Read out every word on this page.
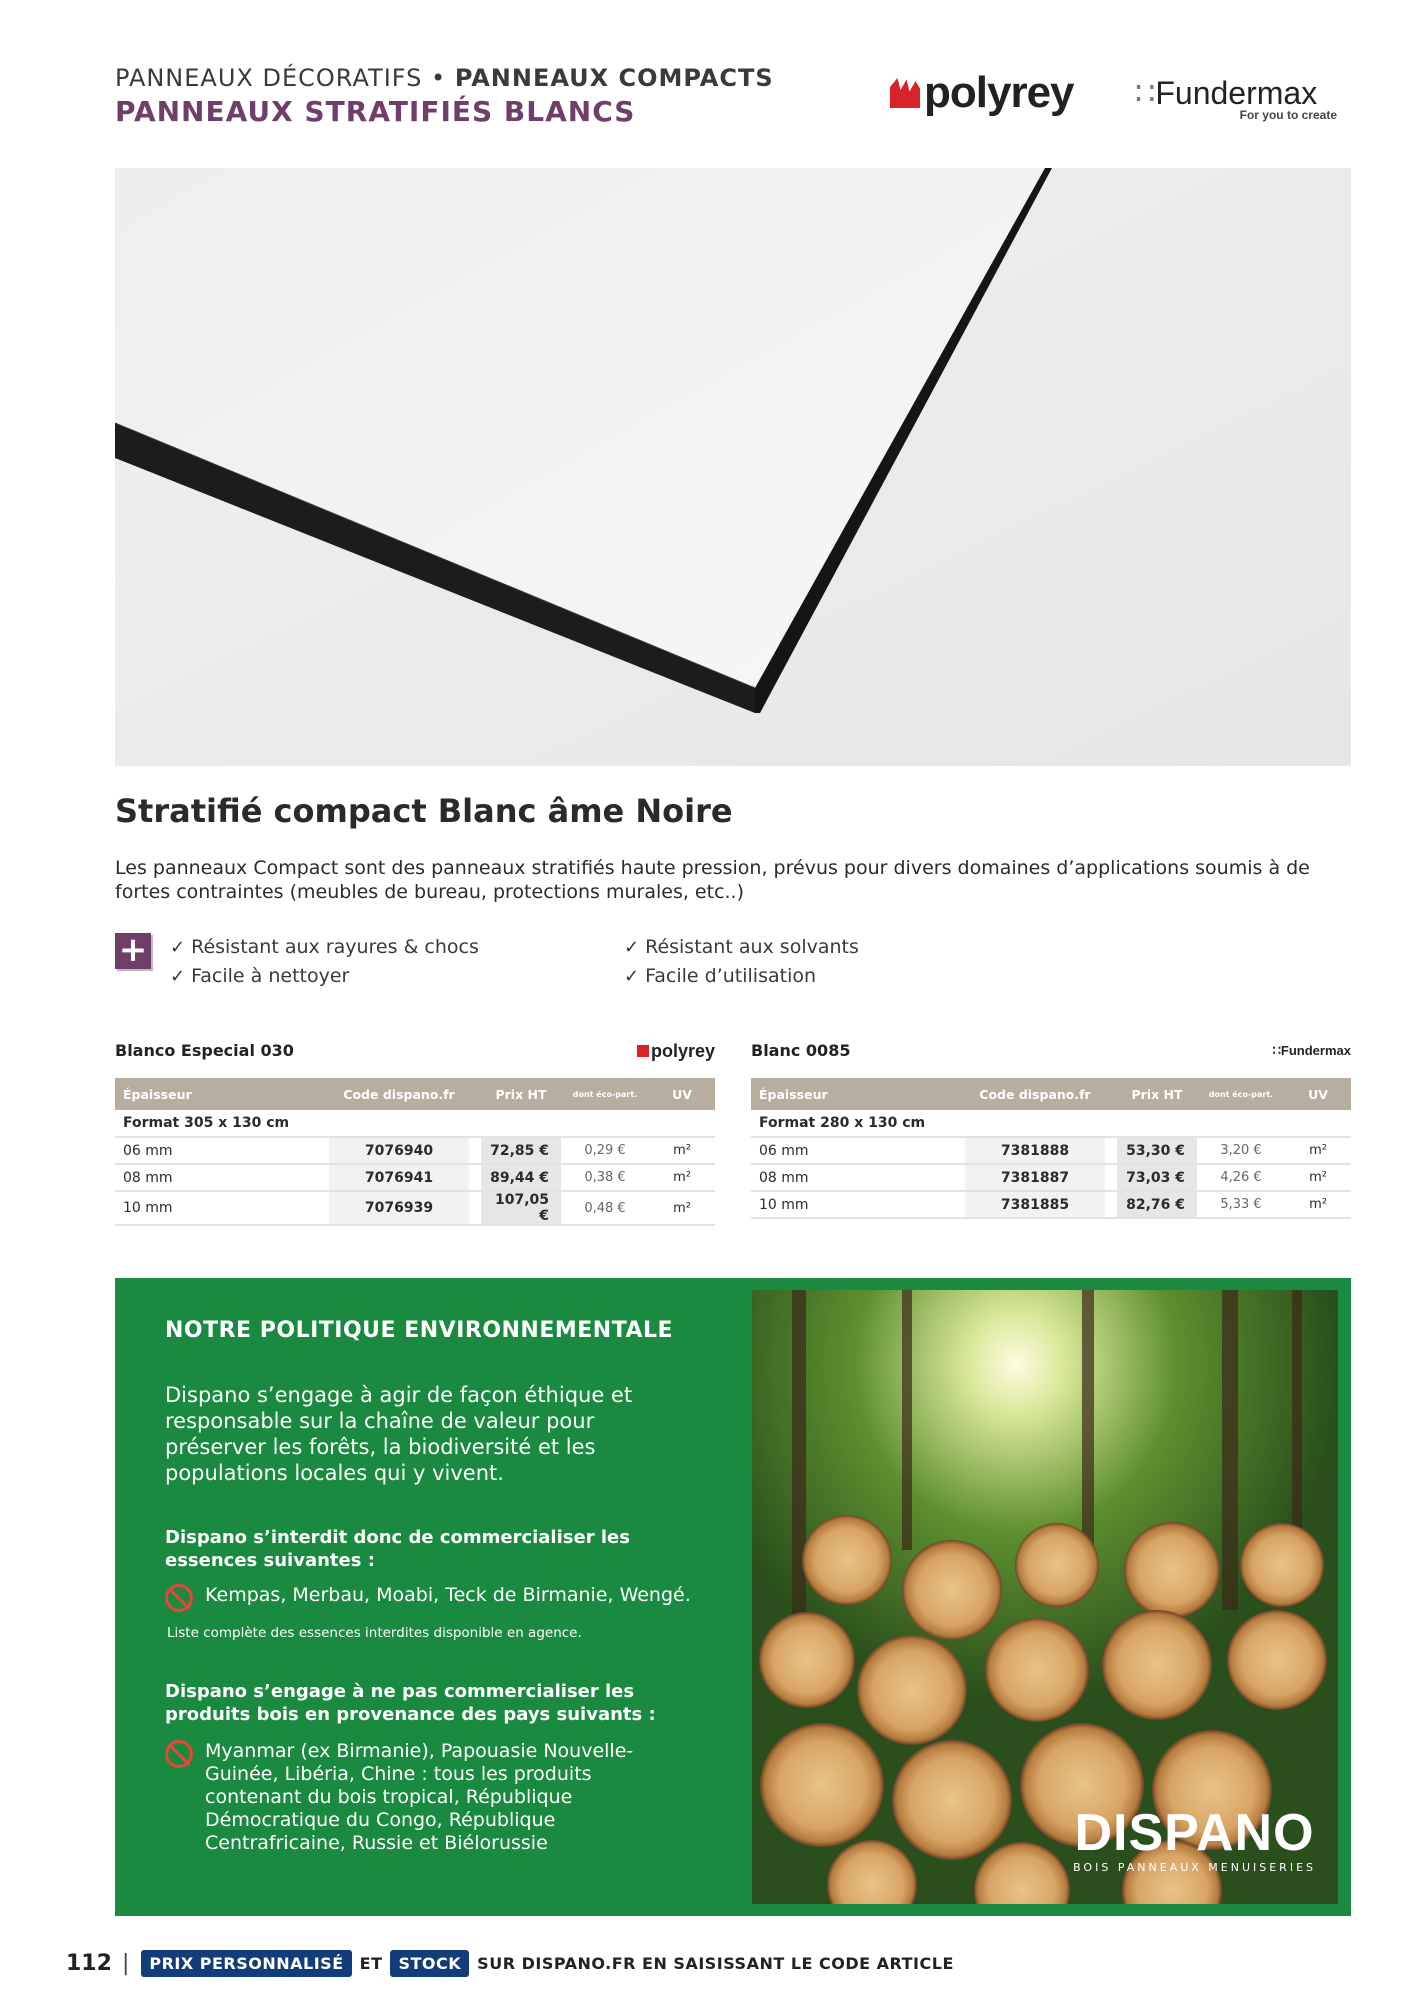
PANNEAUX DÉCORATIFS • PANNEAUX COMPACTS
PANNEAUX STRATIFIÉS BLANCS	polyrey ∷Fundermax
For you to create
Stratifié compact Blanc âme Noire
Les panneaux Compact sont des panneaux stratifiés haute pression, prévus pour divers domaines d’applications soumis à de fortes contraintes (meubles de bureau, protections murales, etc..)
+ ✓ Résistant aux rayures & chocs
✓ Facile à nettoyer
✓ Résistant aux solvants
✓ Facile d’utilisation
Blanco Especial 030	polyrey
Épaisseur	Code dispano.fr		Prix HT	dont éco-part.	UV
Format 305 x 130 cm					
06 mm	7076940		72,85 €	0,29 €	m²
08 mm	7076941		89,44 €	0,38 €	m²
10 mm	7076939		107,05 €	0,48 €	m²
Blanc 0085	∷ Fundermax
Épaisseur	Code dispano.fr		Prix HT	dont éco-part.	UV
Format 280 x 130 cm					
06 mm	7381888		53,30 €	3,20 €	m²
08 mm	7381887		73,03 €	4,26 €	m²
10 mm	7381885		82,76 €	5,33 €	m²
NOTRE POLITIQUE ENVIRONNEMENTALE
Dispano s’engage à agir de façon éthique et responsable sur la chaîne de valeur pour préserver les forêts, la biodiversité et les populations locales qui y vivent.
Dispano s’interdit donc de commercialiser les essences suivantes :
Kempas, Merbau, Moabi, Teck de Birmanie, Wengé.
Liste complète des essences interdites disponible en agence.
Dispano s’engage à ne pas commercialiser les produits bois en provenance des pays suivants :
Myanmar (ex Birmanie), Papouasie Nouvelle-Guinée, Libéria, Chine : tous les produits contenant du bois tropical, République Démocratique du Congo, République Centrafricaine, Russie et Biélorussie	DISPANO
BOIS PANNEAUX MENUISERIES
112 |	PRIX PERSONNALISÉ	ET	STOCK	SUR DISPANO.FR EN SAISISSANT LE CODE ARTICLE
